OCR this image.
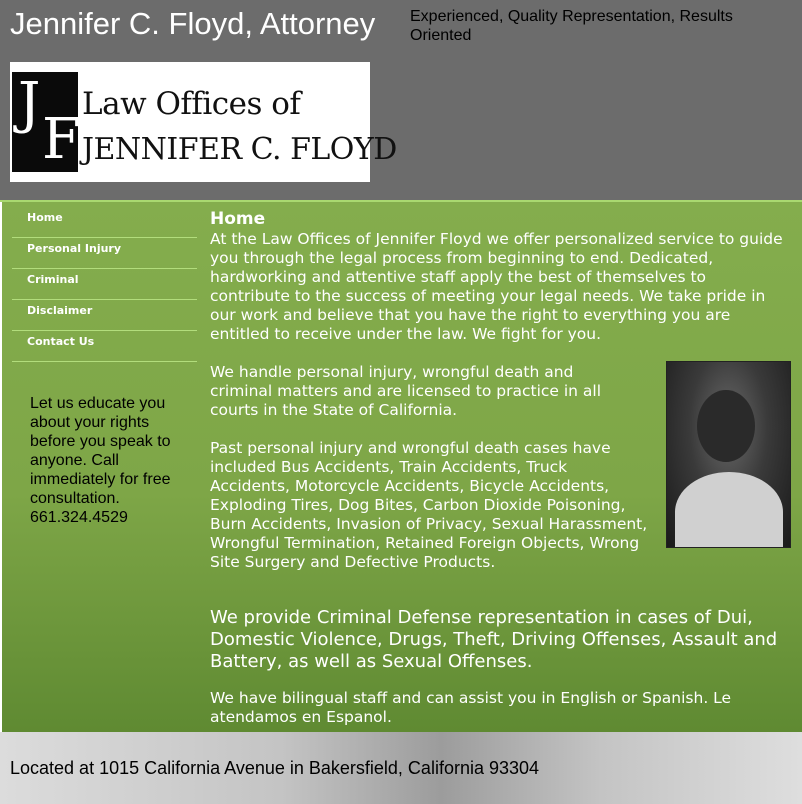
Jennifer C. Floyd, Attorney Experienced, Quality Representation, Results Oriented
J
F
Law Offices of
JENNIFER C. FLOYD
Home
Personal Injury
Criminal
Disclaimer
Contact Us
Let us educate you about your rights before you speak to anyone. Call immediately for free consultation. 661.324.4529
Home

At the Law Offices of Jennifer Floyd we offer personalized service to guide you through the legal process from beginning to end. Dedicated, hardworking and attentive staff apply the best of themselves to contribute to the success of meeting your legal needs. We take pride in our work and believe that you have the right to everything you are entitled to receive under the law. We fight for you.

We handle personal injury, wrongful death and criminal matters and are licensed to practice in all courts in the State of California.

Past personal injury and wrongful death cases have included Bus Accidents, Train Accidents, Truck Accidents, Motorcycle Accidents, Bicycle Accidents, Exploding Tires, Dog Bites, Carbon Dioxide Poisoning, Burn Accidents, Invasion of Privacy, Sexual Harassment, Wrongful Termination, Retained Foreign Objects, Wrong Site Surgery and Defective Products.

We provide Criminal Defense representation in cases of Dui, Domestic Violence, Drugs, Theft, Driving Offenses, Assault and Battery, as well as Sexual Offenses.

We have bilingual staff and can assist you in English or Spanish. Le atendamos en Espanol.

Located at 1015 California Avenue in Bakersfield, California 93304
